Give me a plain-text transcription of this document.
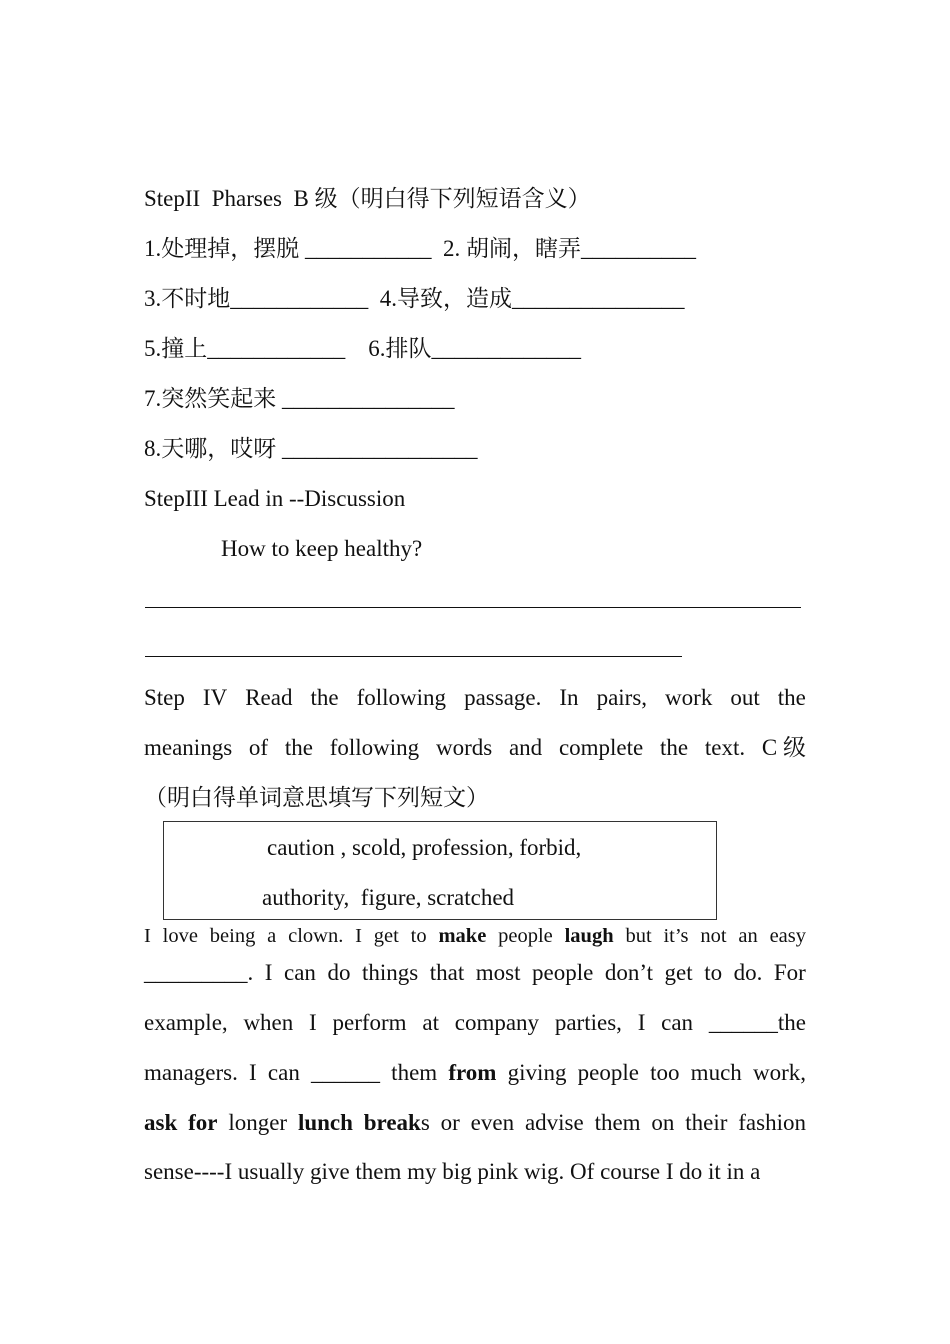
StepII  Pharses  B 级（明白得下列短语含义）
1.处理掉，摆脱 ___________  2. 胡闹，瞎弄__________
3.不时地____________  4.导致，造成_______________
5.撞上____________    6.排队_____________
7.突然笑起来 _______________
8.天哪，哎呀 _________________
StepIII Lead in --Discussion
How to keep healthy?
Step IV Read the following passage. In pairs, work out the
meanings of the following words and complete the text. C 级
（明白得单词意思填写下列短文）
caution , scold, profession, forbid,
authority,  figure, scratched
I love being a clown. I get to make people laugh but it’s not an easy
_________. I can do things that most people don’t get to do. For
example, when I perform at company parties, I can ______the
managers. I can ______ them from giving people too much work,
ask for longer lunch breaks or even advise them on their fashion
sense----I usually give them my big pink wig. Of course I do it in a
